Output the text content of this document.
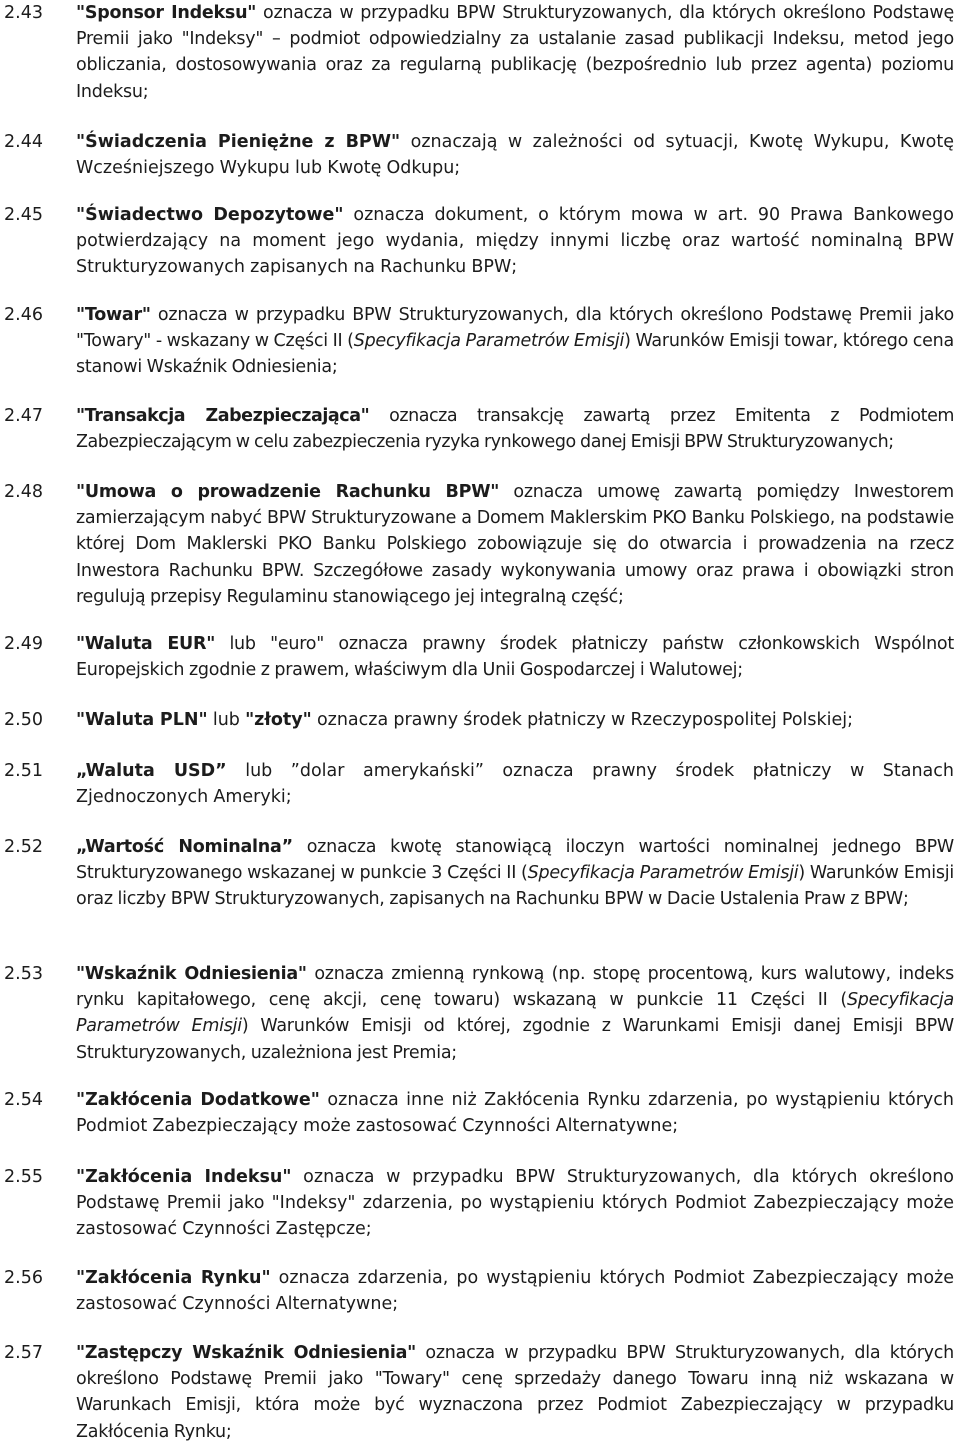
2.43 "Sponsor Indeksu" oznacza w przypadku BPW Strukturyzowanych, dla których określono Podstawę Premii jako "Indeksy" – podmiot odpowiedzialny za ustalanie zasad publikacji Indeksu, metod jego obliczania, dostosowywania oraz za regularną publikację (bezpośrednio lub przez agenta) poziomu Indeksu;
2.44 "Świadczenia Pieniężne z BPW" oznaczają w zależności od sytuacji, Kwotę Wykupu, Kwotę Wcześniejszego Wykupu lub Kwotę Odkupu;
2.45 "Świadectwo Depozytowe" oznacza dokument, o którym mowa w art. 90 Prawa Bankowego potwierdzający na moment jego wydania, między innymi liczbę oraz wartość nominalną BPW Strukturyzowanych zapisanych na Rachunku BPW;
2.46 "Towar" oznacza w przypadku BPW Strukturyzowanych, dla których określono Podstawę Premii jako "Towary" - wskazany w Części II (Specyfikacja Parametrów Emisji) Warunków Emisji towar, którego cena stanowi Wskaźnik Odniesienia;
2.47 "Transakcja Zabezpieczająca" oznacza transakcję zawartą przez Emitenta z Podmiotem Zabezpieczającym w celu zabezpieczenia ryzyka rynkowego danej Emisji BPW Strukturyzowanych;
2.48 "Umowa o prowadzenie Rachunku BPW" oznacza umowę zawartą pomiędzy Inwestorem zamierzającym nabyć BPW Strukturyzowane a Domem Maklerskim PKO Banku Polskiego, na podstawie której Dom Maklerski PKO Banku Polskiego zobowiązuje się do otwarcia i prowadzenia na rzecz Inwestora Rachunku BPW. Szczegółowe zasady wykonywania umowy oraz prawa i obowiązki stron regulują przepisy Regulaminu stanowiącego jej integralną część;
2.49 "Waluta EUR" lub "euro" oznacza prawny środek płatniczy państw członkowskich Wspólnot Europejskich zgodnie z prawem, właściwym dla Unii Gospodarczej i Walutowej;
2.50 "Waluta PLN" lub "złoty" oznacza prawny środek płatniczy w Rzeczypospolitej Polskiej;
2.51 „Waluta USD” lub ”dolar amerykański” oznacza prawny środek płatniczy w Stanach Zjednoczonych Ameryki;
2.52 „Wartość Nominalna” oznacza kwotę stanowiącą iloczyn wartości nominalnej jednego BPW Strukturyzowanego wskazanej w punkcie 3 Części II (Specyfikacja Parametrów Emisji) Warunków Emisji oraz liczby BPW Strukturyzowanych, zapisanych na Rachunku BPW w Dacie Ustalenia Praw z BPW;
2.53 "Wskaźnik Odniesienia" oznacza zmienną rynkową (np. stopę procentową, kurs walutowy, indeks rynku kapitałowego, cenę akcji, cenę towaru) wskazaną w punkcie 11 Części II (Specyfikacja Parametrów Emisji) Warunków Emisji od której, zgodnie z Warunkami Emisji danej Emisji BPW Strukturyzowanych, uzależniona jest Premia;
2.54 "Zakłócenia Dodatkowe" oznacza inne niż Zakłócenia Rynku zdarzenia, po wystąpieniu których Podmiot Zabezpieczający może zastosować Czynności Alternatywne;
2.55 "Zakłócenia Indeksu" oznacza w przypadku BPW Strukturyzowanych, dla których określono Podstawę Premii jako "Indeksy" zdarzenia, po wystąpieniu których Podmiot Zabezpieczający może zastosować Czynności Zastępcze;
2.56 "Zakłócenia Rynku" oznacza zdarzenia, po wystąpieniu których Podmiot Zabezpieczający może zastosować Czynności Alternatywne;
2.57 "Zastępczy Wskaźnik Odniesienia" oznacza w przypadku BPW Strukturyzowanych, dla których określono Podstawę Premii jako "Towary" cenę sprzedaży danego Towaru inną niż wskazana w Warunkach Emisji, która może być wyznaczona przez Podmiot Zabezpieczający w przypadku Zakłócenia Rynku;
